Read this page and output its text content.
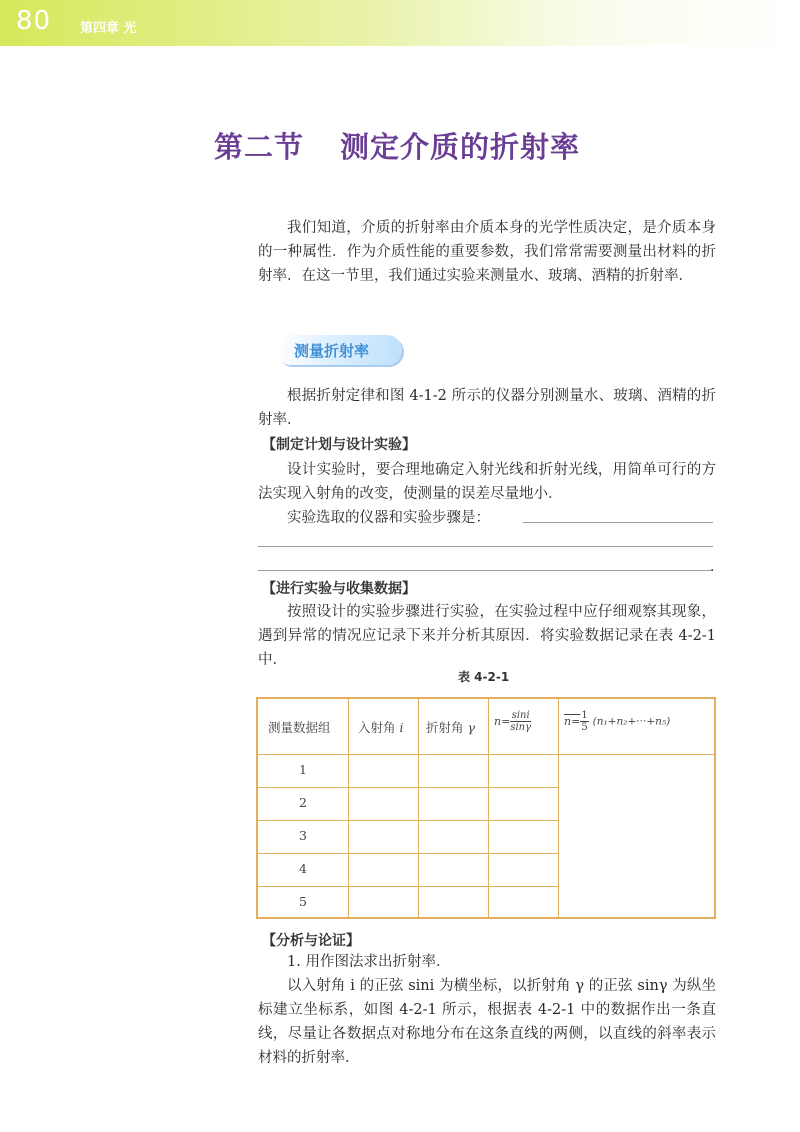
80 第四章 光
第二节 测定介质的折射率
我们知道，介质的折射率由介质本身的光学性质决定，是介质本身的一种属性．作为介质性能的重要参数，我们常常需要测量出材料的折射率．在这一节里，我们通过实验来测量水、玻璃、酒精的折射率．
测量折射率
根据折射定律和图 4-1-2 所示的仪器分别测量水、玻璃、酒精的折射率．
【制定计划与设计实验】
设计实验时，要合理地确定入射光线和折射光线，用简单可行的方法实现入射角的改变，使测量的误差尽量地小．
实验选取的仪器和实验步骤是：
．
【进行实验与收集数据】
按照设计的实验步骤进行实验，在实验过程中应仔细观察其现象，遇到异常的情况应记录下来并分析其原因．将实验数据记录在表 4-2-1 中．
表 4-2-1
测量数据组 入射角 i 折射角 γ $n= \frac{\sin i}{\sin\gamma}$	$n= \frac{1}{5} (n_1+n_2+\cdot\cdot\cdot+n_5)$
1
2
3
4
5
【分析与论证】
1. 用作图法求出折射率．
以入射角 i 的正弦 sini 为横坐标，以折射角 γ 的正弦 sinγ 为纵坐标建立坐标系，如图 4-2-1 所示，根据表 4-2-1 中的数据作出一条直线，尽量让各数据点对称地分布在这条直线的两侧，以直线的斜率表示材料的折射率．
